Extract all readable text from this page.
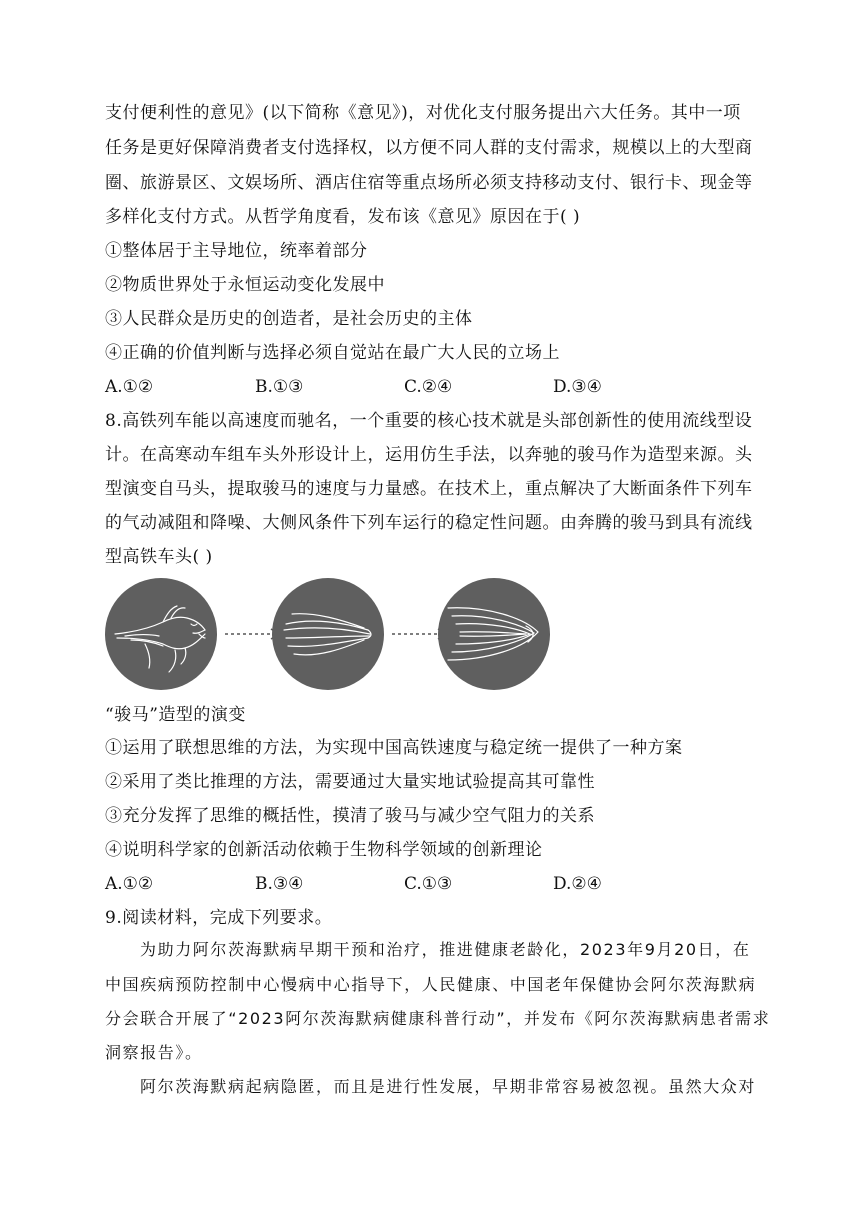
支付便利性的意见》(以下简称《意见》)，对优化支付服务提出六大任务。其中一项
任务是更好保障消费者支付选择权，以方便不同人群的支付需求，规模以上的大型商
圈、旅游景区、文娱场所、酒店住宿等重点场所必须支持移动支付、银行卡、现金等
多样化支付方式。从哲学角度看，发布该《意见》原因在于( )
①整体居于主导地位，统率着部分
②物质世界处于永恒运动变化发展中
③人民群众是历史的创造者，是社会历史的主体
④正确的价值判断与选择必须自觉站在最广大人民的立场上
A.①②	B.①③	C.②④	D.③④
8.高铁列车能以高速度而驰名，一个重要的核心技术就是头部创新性的使用流线型设
计。在高寒动车组车头外形设计上，运用仿生手法，以奔驰的骏马作为造型来源。头
型演变自马头，提取骏马的速度与力量感。在技术上，重点解决了大断面条件下列车
的气动减阻和降噪、大侧风条件下列车运行的稳定性问题。由奔腾的骏马到具有流线
型高铁车头( )
“骏马”造型的演变
①运用了联想思维的方法，为实现中国高铁速度与稳定统一提供了一种方案
②采用了类比推理的方法，需要通过大量实地试验提高其可靠性
③充分发挥了思维的概括性，摸清了骏马与减少空气阻力的关系
④说明科学家的创新活动依赖于生物科学领域的创新理论
A.①②	B.③④	C.①③	D.②④
9.阅读材料，完成下列要求。
为助力阿尔茨海默病早期干预和治疗，推进健康老龄化，2023年9月20日，在
中国疾病预防控制中心慢病中心指导下，人民健康、中国老年保健协会阿尔茨海默病
分会联合开展了“2023阿尔茨海默病健康科普行动”，并发布《阿尔茨海默病患者需求
洞察报告》。
阿尔茨海默病起病隐匿，而且是进行性发展，早期非常容易被忽视。虽然大众对
